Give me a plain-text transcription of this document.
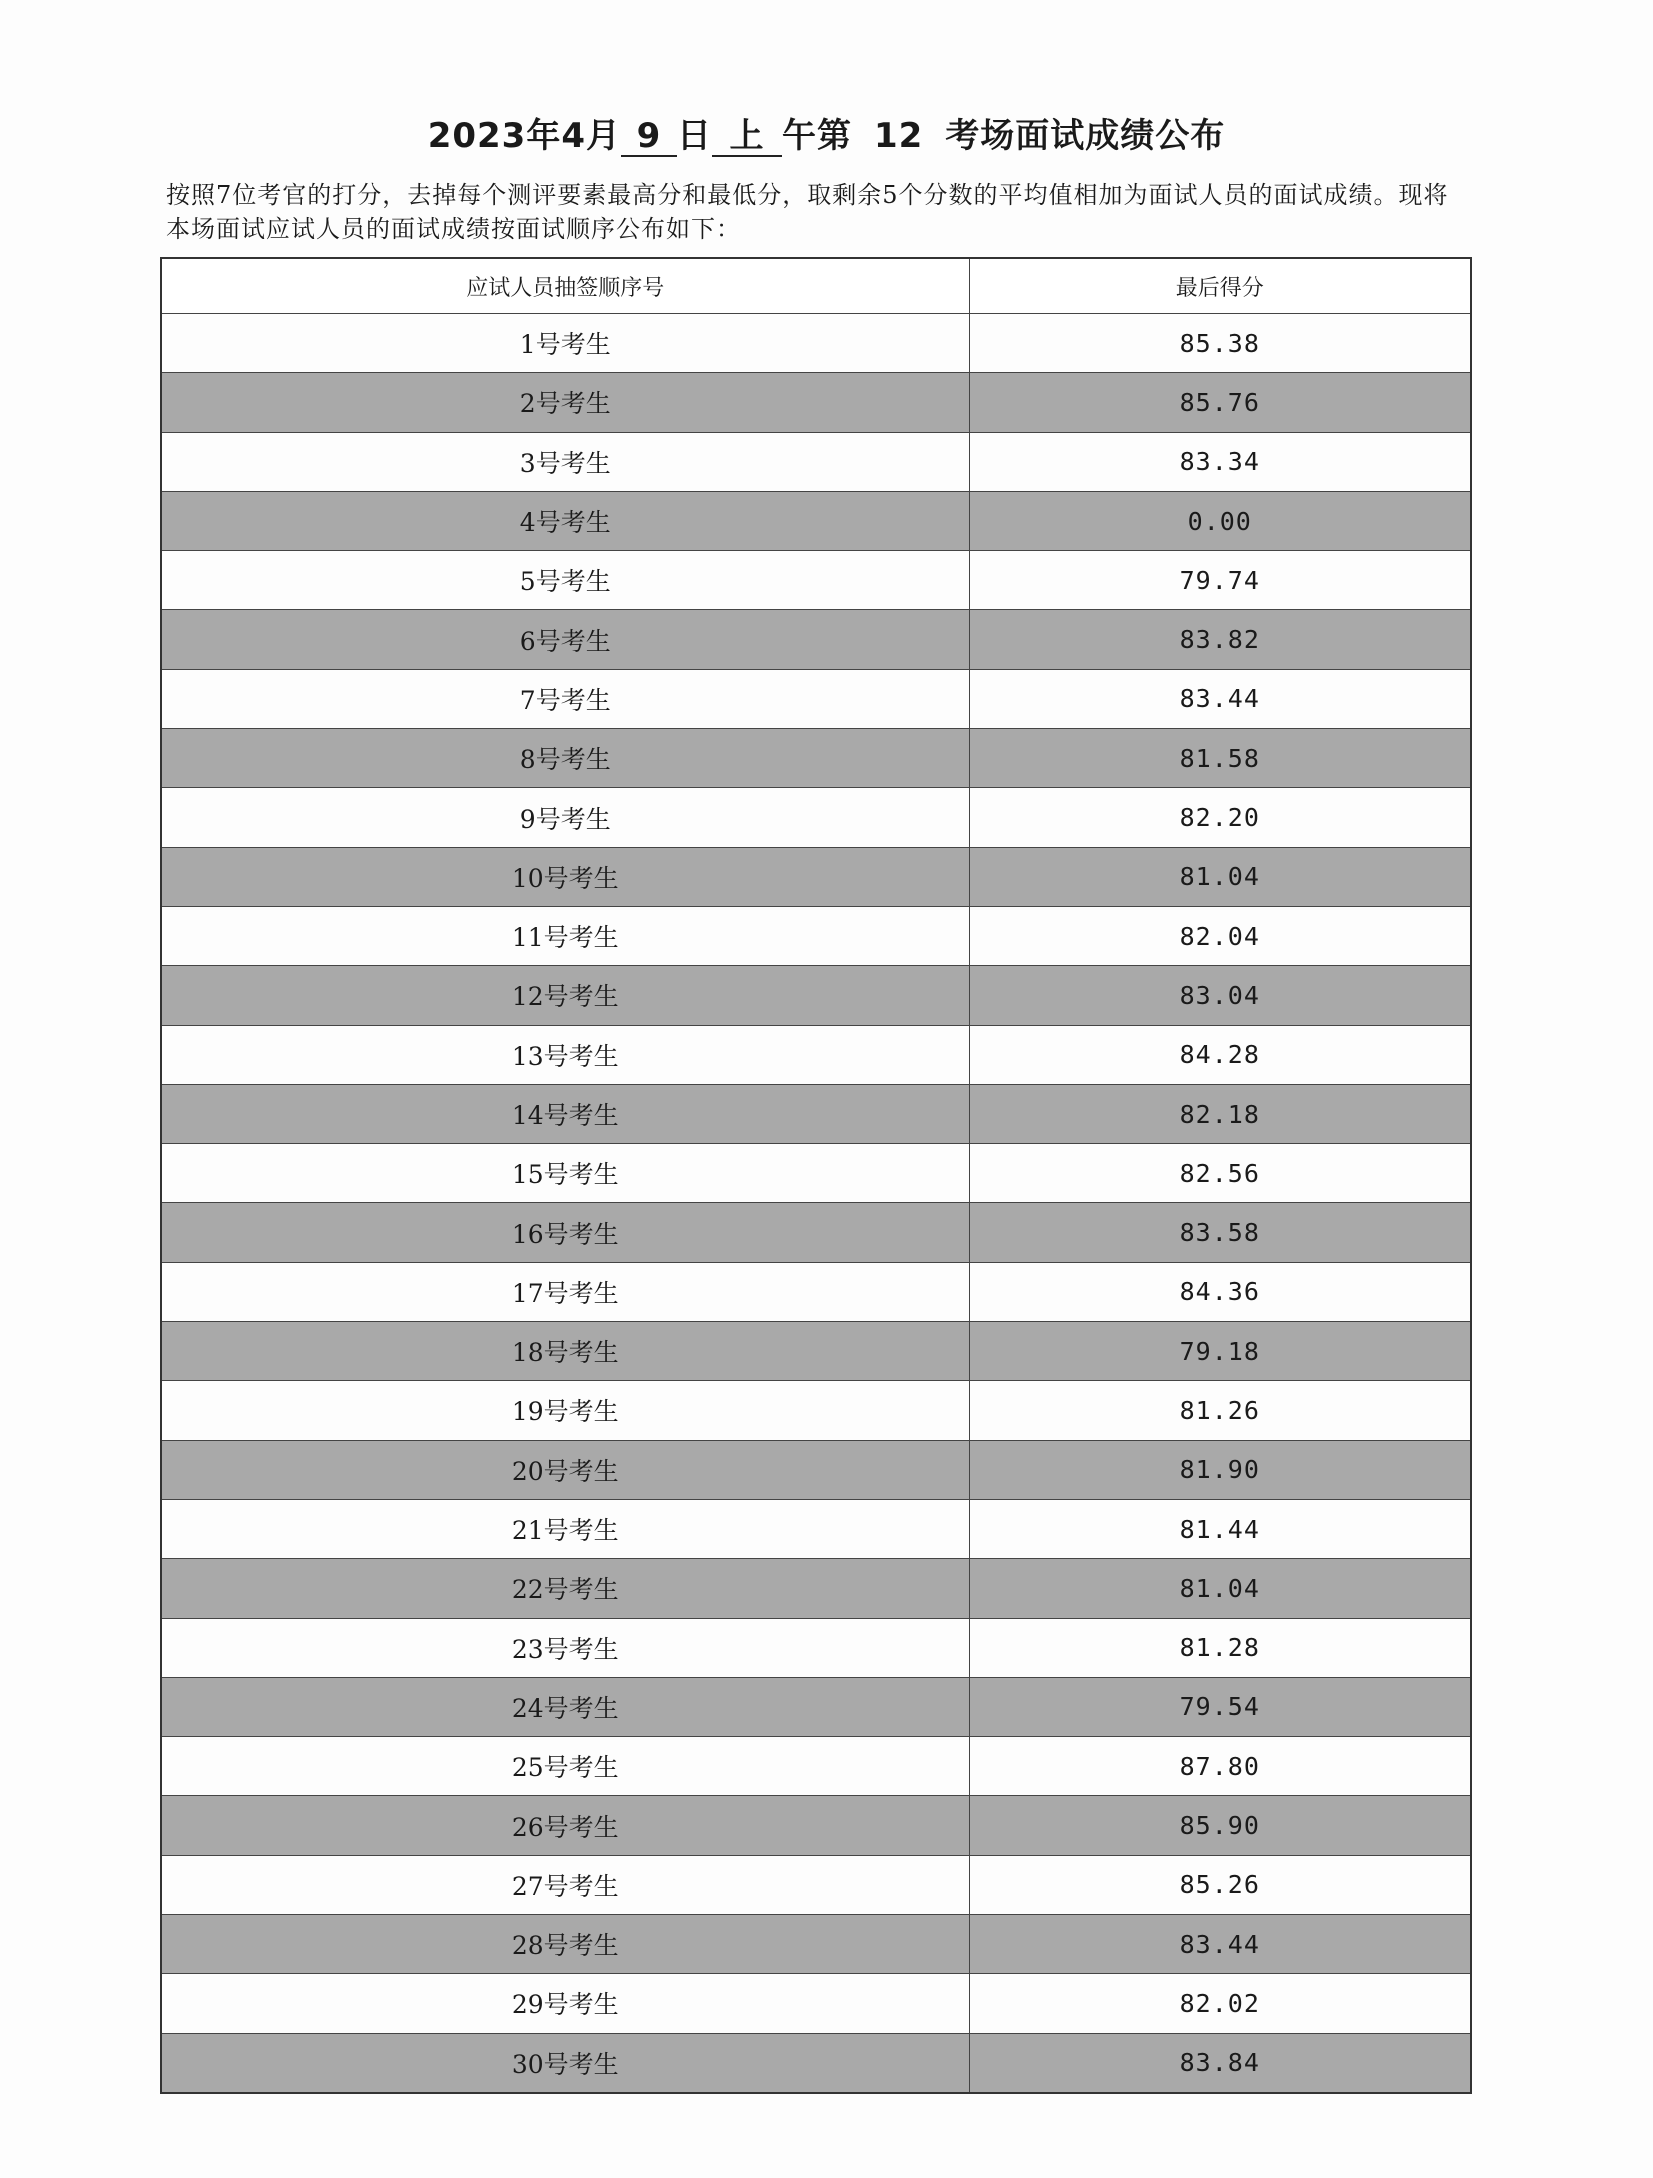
2023年4月 9 日 上 午第 12 考场面试成绩公布
按照7位考官的打分，去掉每个测评要素最高分和最低分，取剩余5个分数的平均值相加为面试人员的面试成绩。现将本场面试应试人员的面试成绩按面试顺序公布如下：
应试人员抽签顺序号	最后得分
1号考生	85.38
2号考生	85.76
3号考生	83.34
4号考生	0.00
5号考生	79.74
6号考生	83.82
7号考生	83.44
8号考生	81.58
9号考生	82.20
10号考生	81.04
11号考生	82.04
12号考生	83.04
13号考生	84.28
14号考生	82.18
15号考生	82.56
16号考生	83.58
17号考生	84.36
18号考生	79.18
19号考生	81.26
20号考生	81.90
21号考生	81.44
22号考生	81.04
23号考生	81.28
24号考生	79.54
25号考生	87.80
26号考生	85.90
27号考生	85.26
28号考生	83.44
29号考生	82.02
30号考生	83.84
